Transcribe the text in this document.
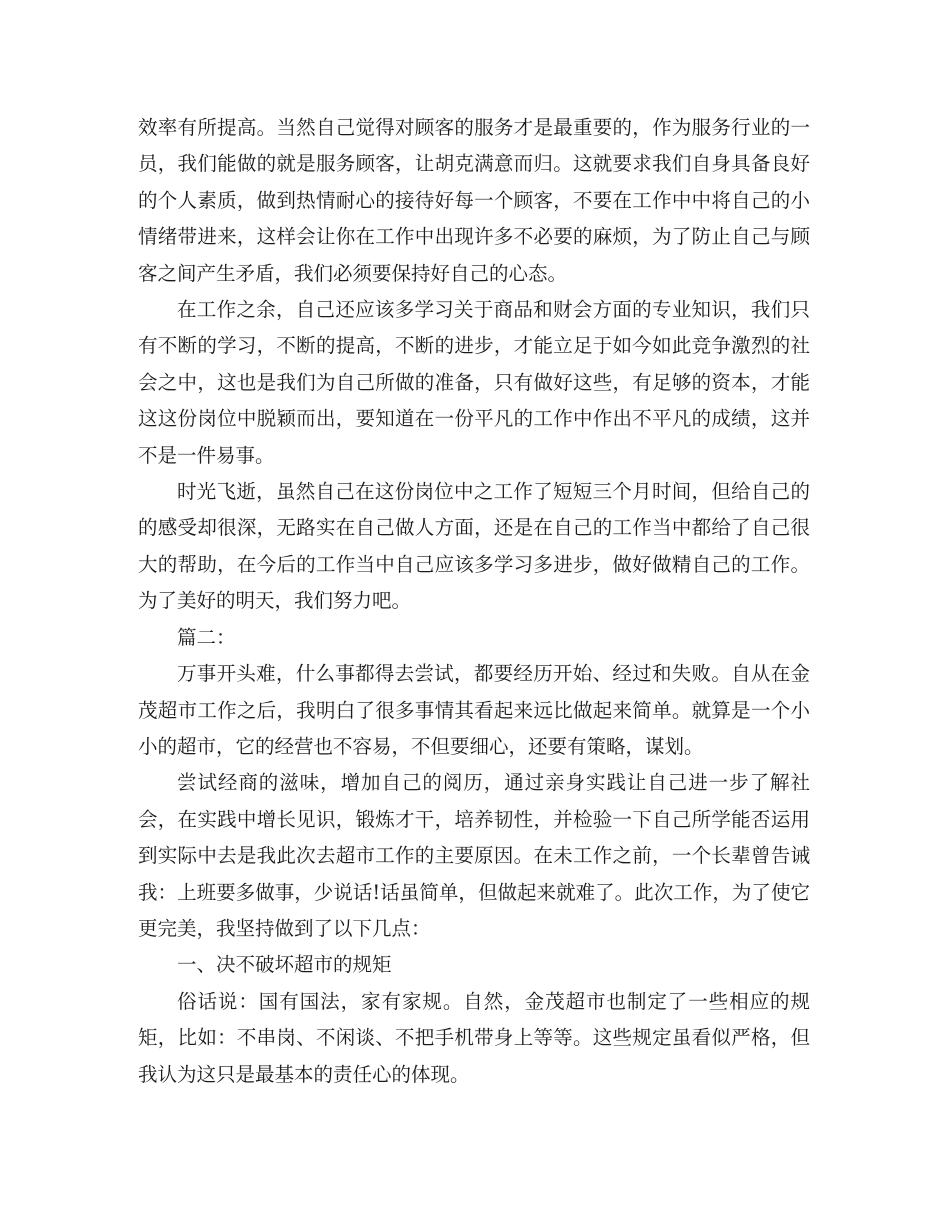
效率有所提高。当然自己觉得对顾客的服务才是最重要的，作为服务行业的一员，我们能做的就是服务顾客，让胡克满意而归。这就要求我们自身具备良好的个人素质，做到热情耐心的接待好每一个顾客，不要在工作中中将自己的小情绪带进来，这样会让你在工作中出现许多不必要的麻烦，为了防止自己与顾客之间产生矛盾，我们必须要保持好自己的心态。

在工作之余，自己还应该多学习关于商品和财会方面的专业知识，我们只有不断的学习，不断的提高，不断的进步，才能立足于如今如此竞争激烈的社会之中，这也是我们为自己所做的准备，只有做好这些，有足够的资本，才能这这份岗位中脱颖而出，要知道在一份平凡的工作中作出不平凡的成绩，这并不是一件易事。

时光飞逝，虽然自己在这份岗位中之工作了短短三个月时间，但给自己的的感受却很深，无路实在自己做人方面，还是在自己的工作当中都给了自己很大的帮助，在今后的工作当中自己应该多学习多进步，做好做精自己的工作。为了美好的明天，我们努力吧。

篇二：

万事开头难，什么事都得去尝试，都要经历开始、经过和失败。自从在金茂超市工作之后，我明白了很多事情其看起来远比做起来简单。就算是一个小小的超市，它的经营也不容易，不但要细心，还要有策略，谋划。

尝试经商的滋味，增加自己的阅历，通过亲身实践让自己进一步了解社会，在实践中增长见识，锻炼才干，培养韧性，并检验一下自己所学能否运用到实际中去是我此次去超市工作的主要原因。在未工作之前，一个长辈曾告诫我：上班要多做事，少说话!话虽简单，但做起来就难了。此次工作，为了使它更完美，我坚持做到了以下几点：

一、决不破坏超市的规矩

俗话说：国有国法，家有家规。自然，金茂超市也制定了一些相应的规矩，比如：不串岗、不闲谈、不把手机带身上等等。这些规定虽看似严格，但我认为这只是最基本的责任心的体现。
